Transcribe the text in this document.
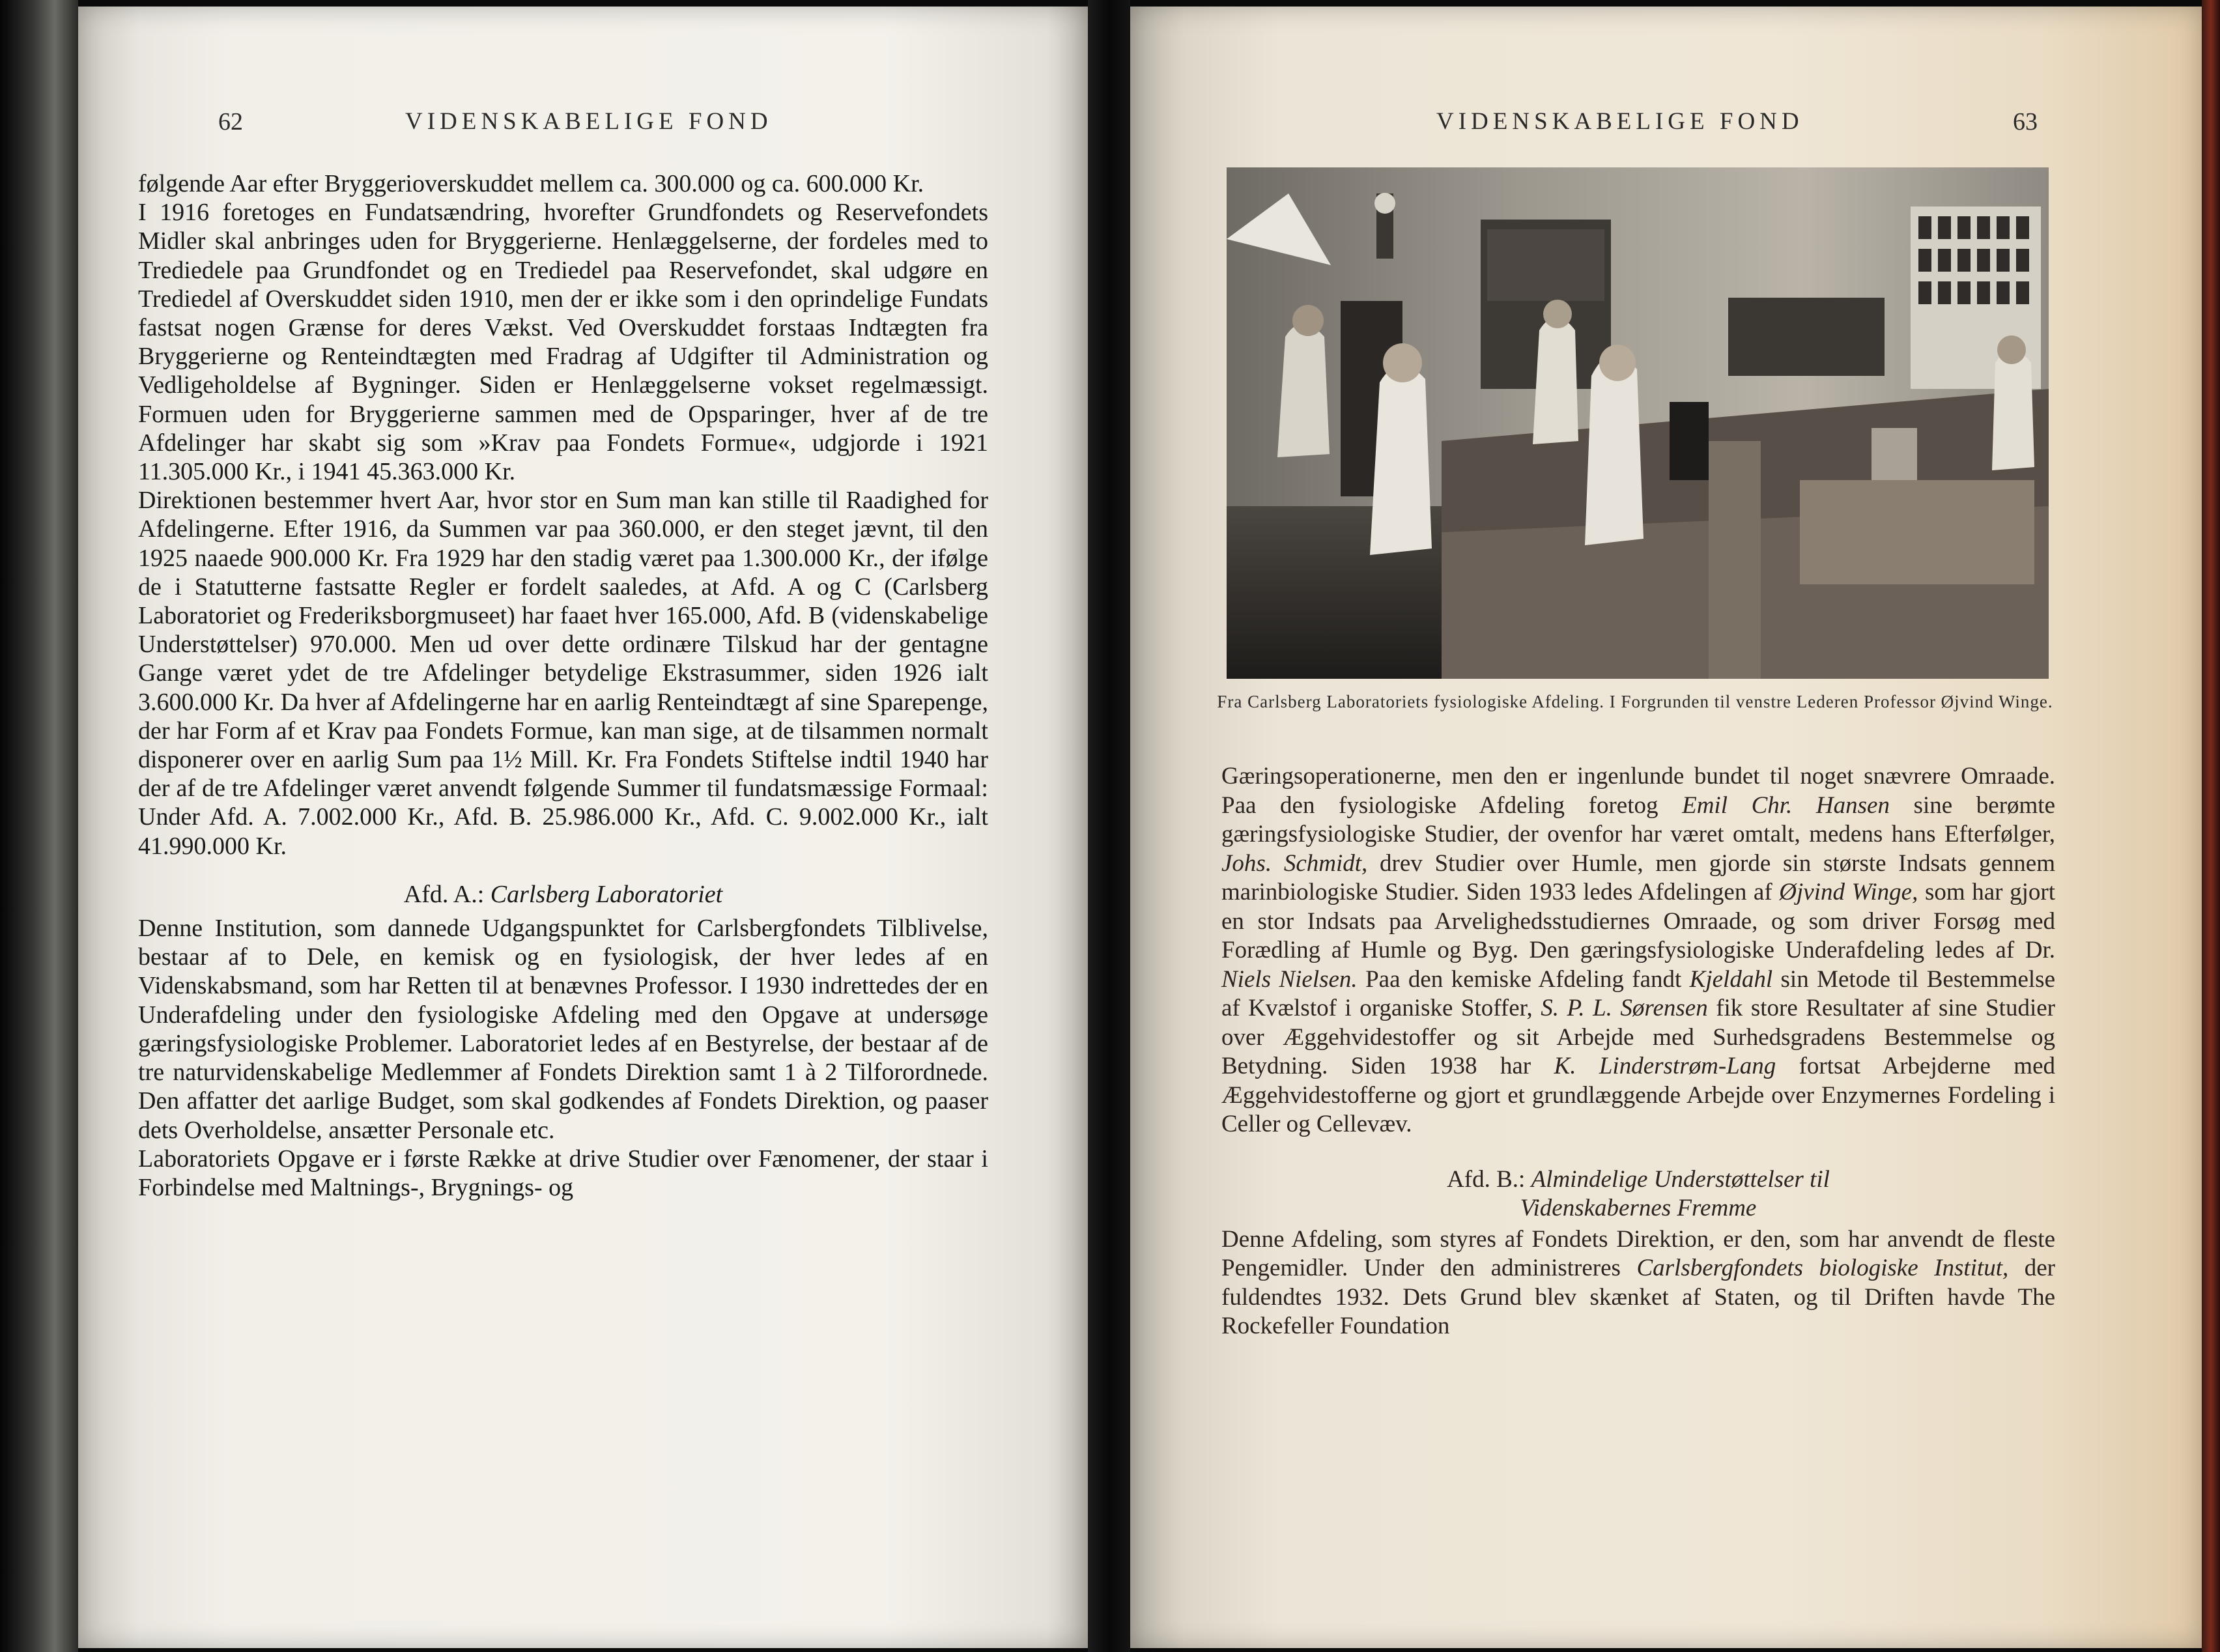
62	VIDENSKABELIGE FOND

følgende Aar efter Bryggerioverskuddet mellem ca. 300.000 og ca. 600.000 Kr.

I 1916 foretoges en Fundatsændring, hvorefter Grundfondets og Reservefondets Midler skal anbringes uden for Bryggerierne. Henlæggelserne, der fordeles med to Trediedele paa Grundfondet og en Trediedel paa Reservefondet, skal udgøre en Trediedel af Overskuddet siden 1910, men der er ikke som i den oprindelige Fundats fastsat nogen Grænse for deres Vækst. Ved Overskuddet forstaas Indtægten fra Bryggerierne og Renteindtægten med Fradrag af Udgifter til Administration og Vedligeholdelse af Bygninger. Siden er Henlæggelserne vokset regelmæssigt. Formuen uden for Bryggerierne sammen med de Opsparinger, hver af de tre Afdelinger har skabt sig som »Krav paa Fondets Formue«, udgjorde i 1921 11.305.000 Kr., i 1941 45.363.000 Kr.

Direktionen bestemmer hvert Aar, hvor stor en Sum man kan stille til Raadighed for Afdelingerne. Efter 1916, da Summen var paa 360.000, er den steget jævnt, til den 1925 naaede 900.000 Kr. Fra 1929 har den stadig været paa 1.300.000 Kr., der ifølge de i Statutterne fastsatte Regler er fordelt saaledes, at Afd. A og C (Carlsberg Laboratoriet og Frederiksborgmuseet) har faaet hver 165.000, Afd. B (videnskabelige Understøttelser) 970.000. Men ud over dette ordinære Tilskud har der gentagne Gange været ydet de tre Afdelinger betydelige Ekstrasummer, siden 1926 ialt 3.600.000 Kr. Da hver af Afdelingerne har en aarlig Renteindtægt af sine Sparepenge, der har Form af et Krav paa Fondets Formue, kan man sige, at de tilsammen normalt disponerer over en aarlig Sum paa 1½ Mill. Kr. Fra Fondets Stiftelse indtil 1940 har der af de tre Afdelinger været anvendt følgende Summer til fundatsmæssige Formaal: Under Afd. A. 7.002.000 Kr., Afd. B. 25.986.000 Kr., Afd. C. 9.002.000 Kr., ialt 41.990.000 Kr.

Afd. A.: Carlsberg Laboratoriet

Denne Institution, som dannede Udgangspunktet for Carlsbergfondets Tilblivelse, bestaar af to Dele, en kemisk og en fysiologisk, der hver ledes af en Videnskabsmand, som har Retten til at benævnes Professor. I 1930 indrettedes der en Underafdeling under den fysiologiske Afdeling med den Opgave at undersøge gæringsfysiologiske Problemer. Laboratoriet ledes af en Bestyrelse, der bestaar af de tre naturvidenskabelige Medlemmer af Fondets Direktion samt 1 à 2 Tilforordnede. Den affatter det aarlige Budget, som skal godkendes af Fondets Direktion, og paaser dets Overholdelse, ansætter Personale etc.

Laboratoriets Opgave er i første Række at drive Studier over Fænomener, der staar i Forbindelse med Maltnings-, Brygnings- og

VIDENSKABELIGE FOND	63
Fra Carlsberg Laboratoriets fysiologiske Afdeling. I Forgrunden til venstre Lederen Professor Øjvind Winge.

Gæringsoperationerne, men den er ingenlunde bundet til noget snævrere Omraade. Paa den fysiologiske Afdeling foretog Emil Chr. Hansen sine berømte gæringsfysiologiske Studier, der ovenfor har været omtalt, medens hans Efterfølger, Johs. Schmidt, drev Studier over Humle, men gjorde sin største Indsats gennem marinbiologiske Studier. Siden 1933 ledes Afdelingen af Øjvind Winge, som har gjort en stor Indsats paa Arvelighedsstudiernes Omraade, og som driver Forsøg med Forædling af Humle og Byg. Den gæringsfysiologiske Underafdeling ledes af Dr. Niels Nielsen. Paa den kemiske Afdeling fandt Kjeldahl sin Metode til Bestemmelse af Kvælstof i organiske Stoffer, S. P. L. Sørensen fik store Resultater af sine Studier over Æggehvidestoffer og sit Arbejde med Surhedsgradens Bestemmelse og Betydning. Siden 1938 har K. Linderstrøm-Lang fortsat Arbejderne med Æggehvidestofferne og gjort et grundlæggende Arbejde over Enzymernes Fordeling i Celler og Cellevæv.

Afd. B.: Almindelige Understøttelser til
Videnskabernes Fremme

Denne Afdeling, som styres af Fondets Direktion, er den, som har anvendt de fleste Pengemidler. Under den administreres Carlsbergfondets biologiske Institut, der fuldendtes 1932. Dets Grund blev skænket af Staten, og til Driften havde The Rockefeller Foundation
